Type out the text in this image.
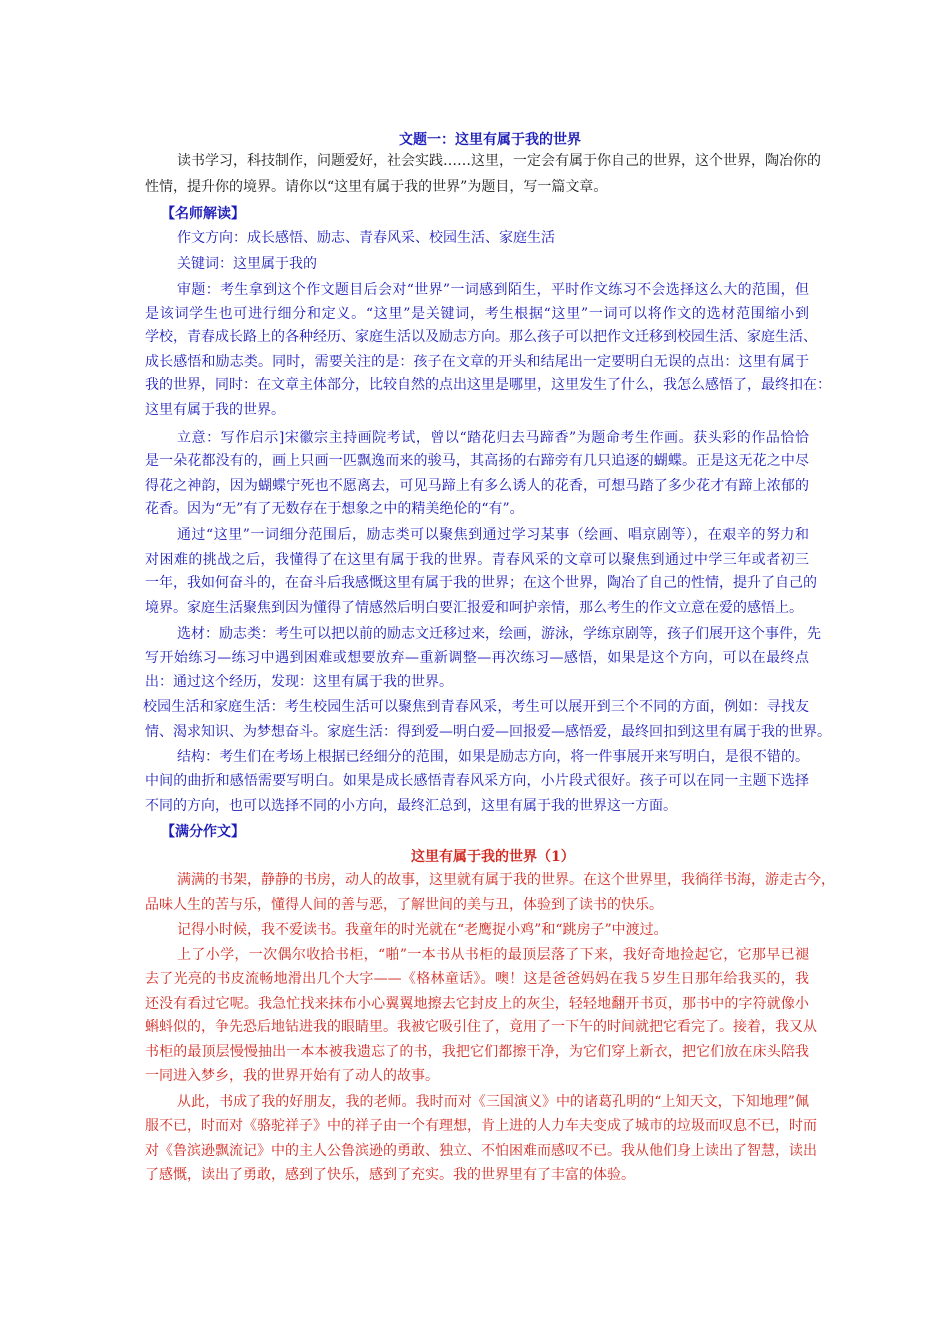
文题一：这里有属于我的世界
读书学习，科技制作，问题爱好，社会实践……这里，一定会有属于你自己的世界，这个世界，陶冶你的
性情，提升你的境界。请你以“这里有属于我的世界”为题目，写一篇文章。
【名师解读】
作文方向：成长感悟、励志、青春风采、校园生活、家庭生活
关键词：这里属于我的
审题：考生拿到这个作文题目后会对“世界”一词感到陌生，平时作文练习不会选择这么大的范围，但
是该词学生也可进行细分和定义。“这里”是关键词，考生根据“这里”一词可以将作文的选材范围缩小到
学校，青春成长路上的各种经历、家庭生活以及励志方向。那么孩子可以把作文迁移到校园生活、家庭生活、
成长感悟和励志类。同时，需要关注的是：孩子在文章的开头和结尾出一定要明白无误的点出：这里有属于
我的世界，同时：在文章主体部分，比较自然的点出这里是哪里，这里发生了什么，我怎么感悟了，最终扣在：
这里有属于我的世界。
立意：写作启示]宋徽宗主持画院考试，曾以“踏花归去马蹄香”为题命考生作画。获头彩的作品恰恰
是一朵花都没有的，画上只画一匹飘逸而来的骏马，其高扬的右蹄旁有几只追逐的蝴蝶。正是这无花之中尽
得花之神韵，因为蝴蝶宁死也不愿离去，可见马蹄上有多么诱人的花香，可想马踏了多少花才有蹄上浓郁的
花香。因为“无”有了无数存在于想象之中的精美绝伦的“有”。
通过“这里”一词细分范围后，励志类可以聚焦到通过学习某事（绘画、唱京剧等），在艰辛的努力和
对困难的挑战之后，我懂得了在这里有属于我的世界。青春风采的文章可以聚焦到通过中学三年或者初三
一年，我如何奋斗的，在奋斗后我感慨这里有属于我的世界；在这个世界，陶冶了自己的性情，提升了自己的
境界。家庭生活聚焦到因为懂得了情感然后明白要汇报爱和呵护亲情，那么考生的作文立意在爱的感悟上。
选材：励志类：考生可以把以前的励志文迁移过来，绘画，游泳，学练京剧等，孩子们展开这个事件，先
写开始练习—练习中遇到困难或想要放弃—重新调整—再次练习—感悟，如果是这个方向，可以在最终点
出：通过这个经历，发现：这里有属于我的世界。
校园生活和家庭生活：考生校园生活可以聚焦到青春风采，考生可以展开到三个不同的方面，例如：寻找友
情、渴求知识、为梦想奋斗。家庭生活：得到爱—明白爱—回报爱—感悟爱，最终回扣到这里有属于我的世界。
结构：考生们在考场上根据已经细分的范围，如果是励志方向，将一件事展开来写明白，是很不错的。
中间的曲折和感悟需要写明白。如果是成长感悟青春风采方向，小片段式很好。孩子可以在同一主题下选择
不同的方向，也可以选择不同的小方向，最终汇总到，这里有属于我的世界这一方面。
【满分作文】
这里有属于我的世界（1）
满满的书架，静静的书房，动人的故事，这里就有属于我的世界。在这个世界里，我徜徉书海，游走古今，
品味人生的苦与乐，懂得人间的善与恶，了解世间的美与丑，体验到了读书的快乐。
记得小时候，我不爱读书。我童年的时光就在“老鹰捉小鸡”和“跳房子”中渡过。
上了小学，一次偶尔收拾书柜，“啪”一本书从书柜的最顶层落了下来，我好奇地捡起它，它那早已褪
去了光亮的书皮流畅地滑出几个大字——《格林童话》。噢！这是爸爸妈妈在我５岁生日那年给我买的，我
还没有看过它呢。我急忙找来抹布小心翼翼地擦去它封皮上的灰尘，轻轻地翻开书页，那书中的字符就像小
蝌蚪似的，争先恐后地钻进我的眼睛里。我被它吸引住了，竟用了一下午的时间就把它看完了。接着，我又从
书柜的最顶层慢慢抽出一本本被我遗忘了的书，我把它们都擦干净，为它们穿上新衣，把它们放在床头陪我
一同进入梦乡，我的世界开始有了动人的故事。
从此，书成了我的好朋友，我的老师。我时而对《三国演义》中的诸葛孔明的“上知天文，下知地理”佩
服不已，时而对《骆驼祥子》中的祥子由一个有理想，肯上进的人力车夫变成了城市的垃圾而叹息不已，时而
对《鲁滨逊飘流记》中的主人公鲁滨逊的勇敢、独立、不怕困难而感叹不已。我从他们身上读出了智慧，读出
了感慨，读出了勇敢，感到了快乐，感到了充实。我的世界里有了丰富的体验。
